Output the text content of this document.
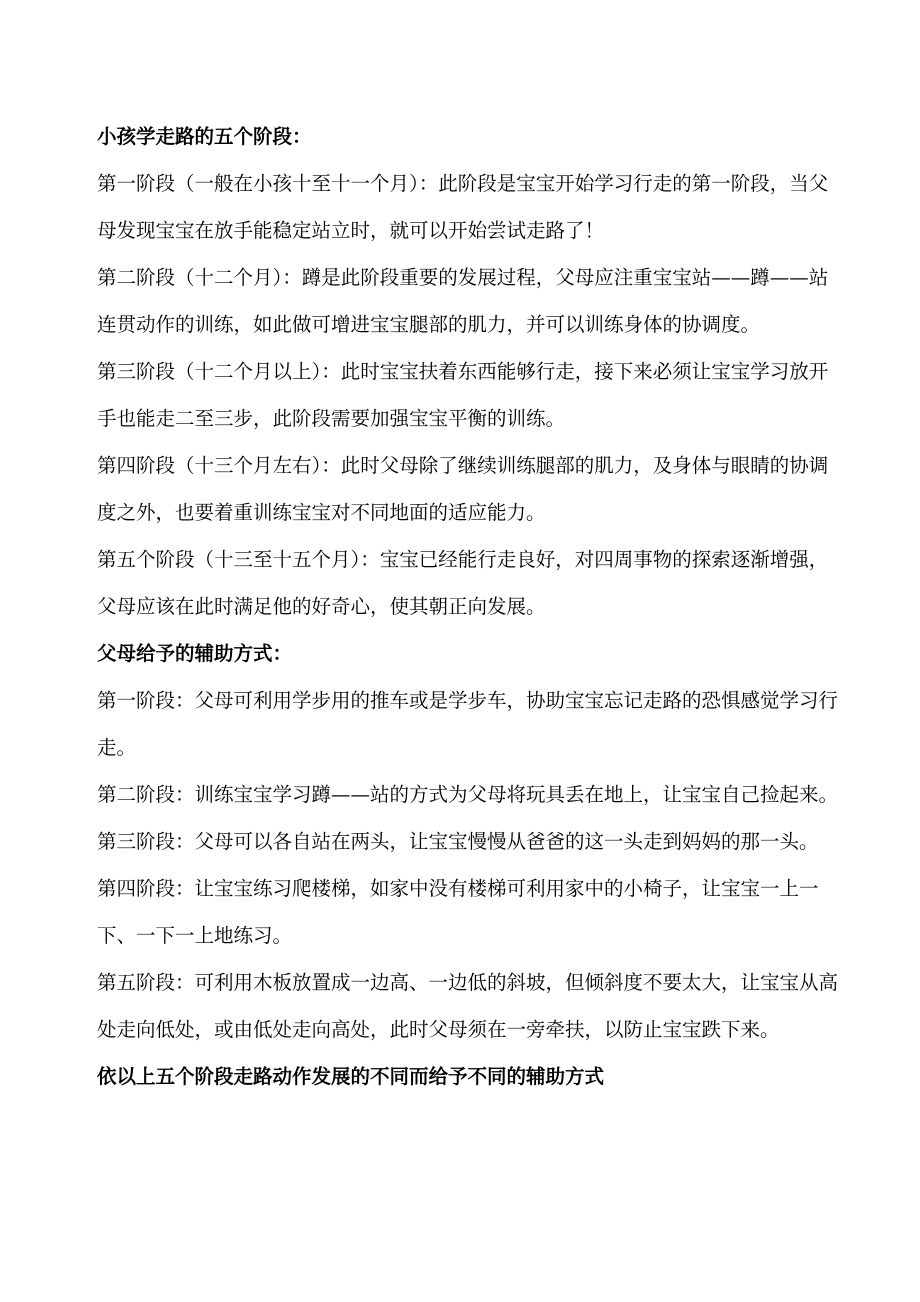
小孩学走路的五个阶段：

第一阶段（一般在小孩十至十一个月）：此阶段是宝宝开始学习行走的第一阶段，当父母发现宝宝在放手能稳定站立时，就可以开始尝试走路了！

第二阶段（十二个月）：蹲是此阶段重要的发展过程，父母应注重宝宝站——蹲——站连贯动作的训练，如此做可增进宝宝腿部的肌力，并可以训练身体的协调度。

第三阶段（十二个月以上）：此时宝宝扶着东西能够行走，接下来必须让宝宝学习放开手也能走二至三步，此阶段需要加强宝宝平衡的训练。

第四阶段（十三个月左右）：此时父母除了继续训练腿部的肌力，及身体与眼睛的协调度之外，也要着重训练宝宝对不同地面的适应能力。

第五个阶段（十三至十五个月）：宝宝已经能行走良好，对四周事物的探索逐渐增强，父母应该在此时满足他的好奇心，使其朝正向发展。

父母给予的辅助方式：

第一阶段：父母可利用学步用的推车或是学步车，协助宝宝忘记走路的恐惧感觉学习行走。

第二阶段：训练宝宝学习蹲——站的方式为父母将玩具丢在地上，让宝宝自己捡起来。

第三阶段：父母可以各自站在两头，让宝宝慢慢从爸爸的这一头走到妈妈的那一头。

第四阶段：让宝宝练习爬楼梯，如家中没有楼梯可利用家中的小椅子，让宝宝一上一下、一下一上地练习。

第五阶段：可利用木板放置成一边高、一边低的斜坡，但倾斜度不要太大，让宝宝从高处走向低处，或由低处走向高处，此时父母须在一旁牵扶，以防止宝宝跌下来。

依以上五个阶段走路动作发展的不同而给予不同的辅助方式
